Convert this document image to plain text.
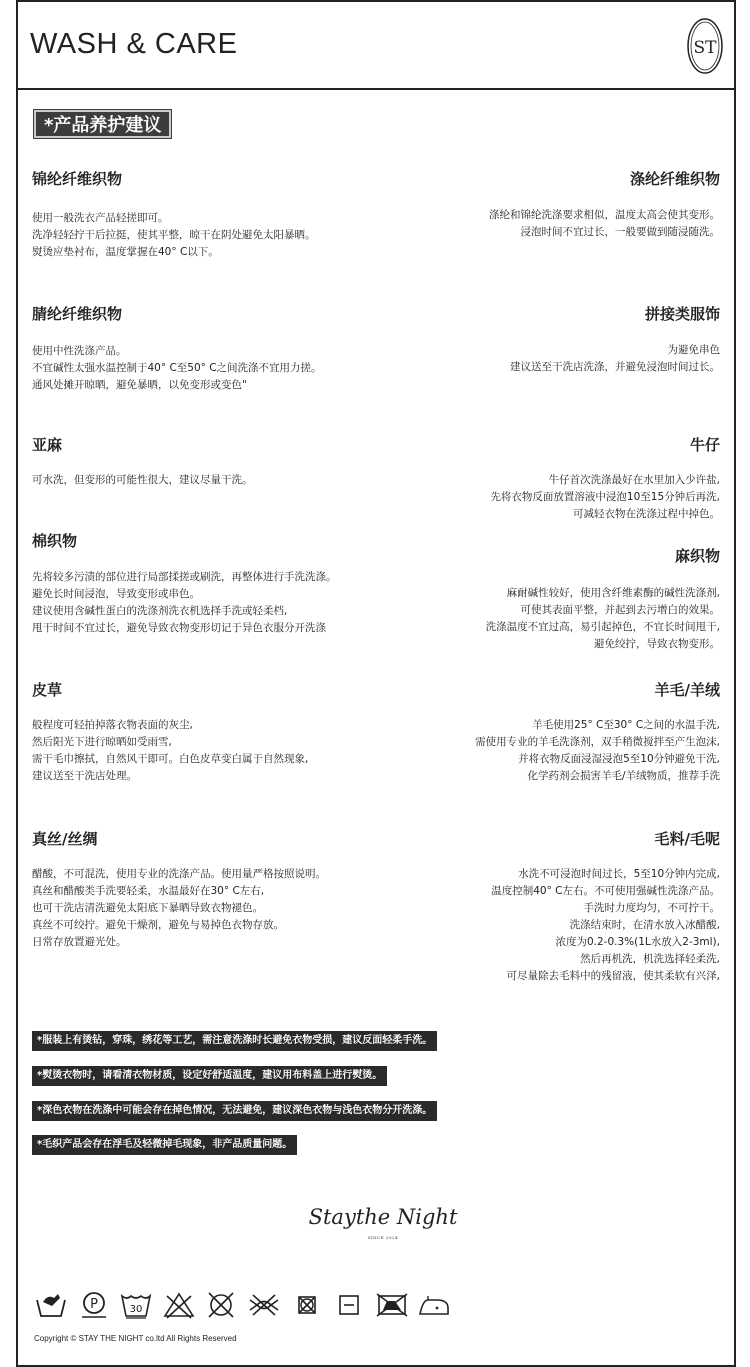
WASH & CARE	ST
*产品养护建议
锦纶纤维织物	涤纶纤维织物
使用一般洗衣产品轻搓即可。
洗净轻轻拧干后拉挺，使其平整，晾干在阴处避免太阳暴晒。
熨烫应垫衬布，温度掌握在40° C以下。
涤纶和锦纶洗涤要求相似，温度太高会使其变形。
浸泡时间不宜过长，一般要做到随浸随洗。
腈纶纤维织物	拼接类服饰
使用中性洗涤产品。
不宜碱性太强水温控制于40° C至50° C之间洗涤不宜用力搓。
通风处摊开晾晒，避免暴晒，以免变形或变色"
为避免串色
建议送至干洗店洗涤，并避免浸泡时间过长。
亚麻	牛仔
可水洗，但变形的可能性很大，建议尽量干洗。	牛仔首次洗涤最好在水里加入少许盐,
先将衣物反面放置溶液中浸泡10至15分钟后再洗,
可减轻衣物在洗涤过程中掉色。
棉织物
麻织物
先将较多污渍的部位进行局部揉搓或刷洗，再整体进行手洗洗涤。
避免长时间浸泡，导致变形或串色。
建议使用含碱性蛋白的洗涤剂洗衣机选择手洗或轻柔档,
甩干时间不宜过长，避免导致衣物变形切记于异色衣服分开洗涤
麻耐碱性较好，使用含纤维素酶的碱性洗涤剂,
可使其表面平整，并起到去污增白的效果。
洗涤温度不宜过高，易引起掉色，不宜长时间甩干,
避免绞拧，导致衣物变形。
皮草	羊毛/羊绒
般程度可轻拍掉落衣物表面的灰尘,
然后阳光下进行晾晒如受雨雪,
需干毛巾擦拭，自然风干即可。白色皮草变白属于自然现象,
建议送至干洗店处理。
羊毛使用25° C至30° C之间的水温手洗,
需使用专业的羊毛洗涤剂，双手稍微搅拌至产生泡沫,
并将衣物反面浸湿浸泡5至10分钟避免干洗,
化学药剂会损害羊毛/羊绒物质，推荐手洗
真丝/丝绸	毛料/毛呢
醋酸，不可混洗，使用专业的洗涤产品。使用量严格按照说明。
真丝和醋酸类手洗要轻柔，水温最好在30° C左右,
也可干洗店清洗避免太阳底下暴晒导致衣物褪色。
真丝不可绞拧。避免干燥剂，避免与易掉色衣物存放。
日常存放置避光处。
水洗不可浸泡时间过长，5至10分钟内完成,
温度控制40° C左右。不可使用强碱性洗涤产品。
手洗时力度均匀，不可拧干。
洗涤结束时，在清水放入冰醋酸,
浓度为0.2-0.3%(1L水放入2-3ml),
然后再机洗，机洗选择轻柔洗,
可尽量除去毛料中的残留液，使其柔软有兴泽,
*服装上有烫钻，穿珠，绣花等工艺，需注意洗涤时长避免衣物受损，建议反面轻柔手洗。
*熨烫衣物时，请看清衣物材质，设定好舒适温度，建议用布料盖上进行熨烫。
*深色衣物在洗涤中可能会存在掉色情况，无法避免，建议深色衣物与浅色衣物分开洗涤。
*毛织产品会存在浮毛及轻微掉毛现象，非产品质量问题。
Staythe Night
SINCE 2024
P	30
Copyright © STAY THE NIGHT co.ltd All Rights Reserved
